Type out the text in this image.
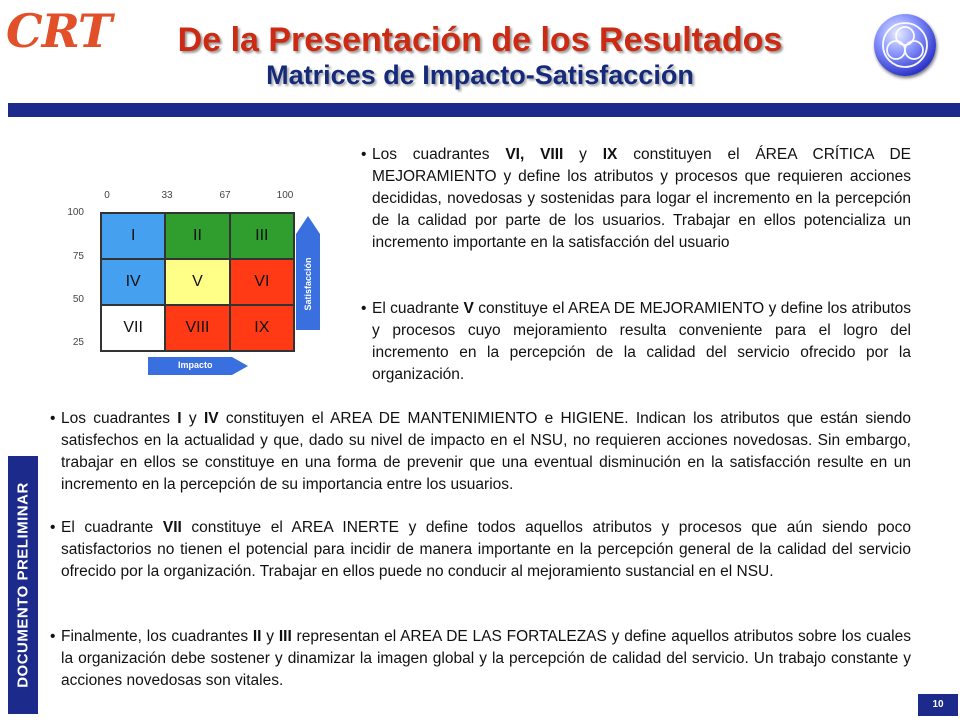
CRT	De la Presentación de los Resultados
Matrices de Impacto-Satisfacción
DOCUMENTO PRELIMINAR
10
0	33	67	100
100
75
50
25
I	II	III
IV	V	VI
VII	VIII	IX
Satisfacción
Impacto
• Los cuadrantes VI, VIII y IX constituyen el ÁREA CRÍTICA DE MEJORAMIENTO y define los atributos y procesos que requieren acciones decididas, novedosas y sostenidas para logar el incremento en la percepción de la calidad por parte de los usuarios. Trabajar en ellos potencializa un incremento importante en la satisfacción del usuario
• El cuadrante V constituye el AREA DE MEJORAMIENTO y define los atributos y procesos cuyo mejoramiento resulta conveniente para el logro del incremento en la percepción de la calidad del servicio ofrecido por la organización.
• Los cuadrantes I y IV constituyen el AREA DE MANTENIMIENTO e HIGIENE. Indican los atributos que están siendo satisfechos en la actualidad y que, dado su nivel de impacto en el NSU, no requieren acciones novedosas. Sin embargo, trabajar en ellos se constituye en una forma de prevenir que una eventual disminución en la satisfacción resulte en un incremento en la percepción de su importancia entre los usuarios.
• El cuadrante VII constituye el AREA INERTE y define todos aquellos atributos y procesos que aún siendo poco satisfactorios no tienen el potencial para incidir de manera importante en la percepción general de la calidad del servicio ofrecido por la organización. Trabajar en ellos puede no conducir al mejoramiento sustancial en el NSU.
• Finalmente, los cuadrantes II y III representan el AREA DE LAS FORTALEZAS y define aquellos atributos sobre los cuales la organización debe sostener y dinamizar la imagen global y la percepción de calidad del servicio. Un trabajo constante y acciones novedosas son vitales.
